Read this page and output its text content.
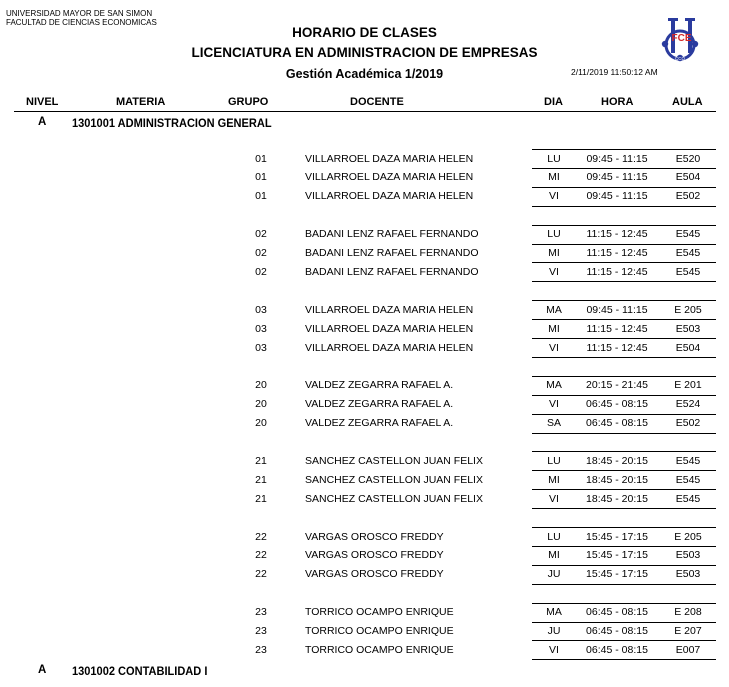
UNIVERSIDAD MAYOR DE SAN SIMON
FACULTAD DE CIENCIAS ECONOMICAS
HORARIO DE CLASES
LICENCIATURA EN ADMINISTRACION DE EMPRESAS
Gestión Académica 1/2019	2/11/2019 11:50:12 AM
FCE
CCO
NIVEL	MATERIA	GRUPO	DOCENTE	DIA	HORA	AULA
A 1301001 ADMINISTRACION GENERAL
01	VILLARROEL DAZA MARIA HELEN	LU	09:45 - 11:15	E520
01	VILLARROEL DAZA MARIA HELEN	MI	09:45 - 11:15	E504
01	VILLARROEL DAZA MARIA HELEN	VI	09:45 - 11:15	E502
02	BADANI LENZ RAFAEL FERNANDO	LU	11:15 - 12:45	E545
02	BADANI LENZ RAFAEL FERNANDO	MI	11:15 - 12:45	E545
02	BADANI LENZ RAFAEL FERNANDO	VI	11:15 - 12:45	E545
03	VILLARROEL DAZA MARIA HELEN	MA	09:45 - 11:15	E 205
03	VILLARROEL DAZA MARIA HELEN	MI	11:15 - 12:45	E503
03	VILLARROEL DAZA MARIA HELEN	VI	11:15 - 12:45	E504
20	VALDEZ ZEGARRA RAFAEL A.	MA	20:15 - 21:45	E 201
20	VALDEZ ZEGARRA RAFAEL A.	VI	06:45 - 08:15	E524
20	VALDEZ ZEGARRA RAFAEL A.	SA	06:45 - 08:15	E502
21	SANCHEZ CASTELLON JUAN FELIX	LU	18:45 - 20:15	E545
21	SANCHEZ CASTELLON JUAN FELIX	MI	18:45 - 20:15	E545
21	SANCHEZ CASTELLON JUAN FELIX	VI	18:45 - 20:15	E545
22	VARGAS OROSCO FREDDY	LU	15:45 - 17:15	E 205
22	VARGAS OROSCO FREDDY	MI	15:45 - 17:15	E503
22	VARGAS OROSCO FREDDY	JU	15:45 - 17:15	E503
23	TORRICO OCAMPO ENRIQUE	MA	06:45 - 08:15	E 208
23	TORRICO OCAMPO ENRIQUE	JU	06:45 - 08:15	E 207
23	TORRICO OCAMPO ENRIQUE	VI	06:45 - 08:15	E007
A 1301002 CONTABILIDAD I
